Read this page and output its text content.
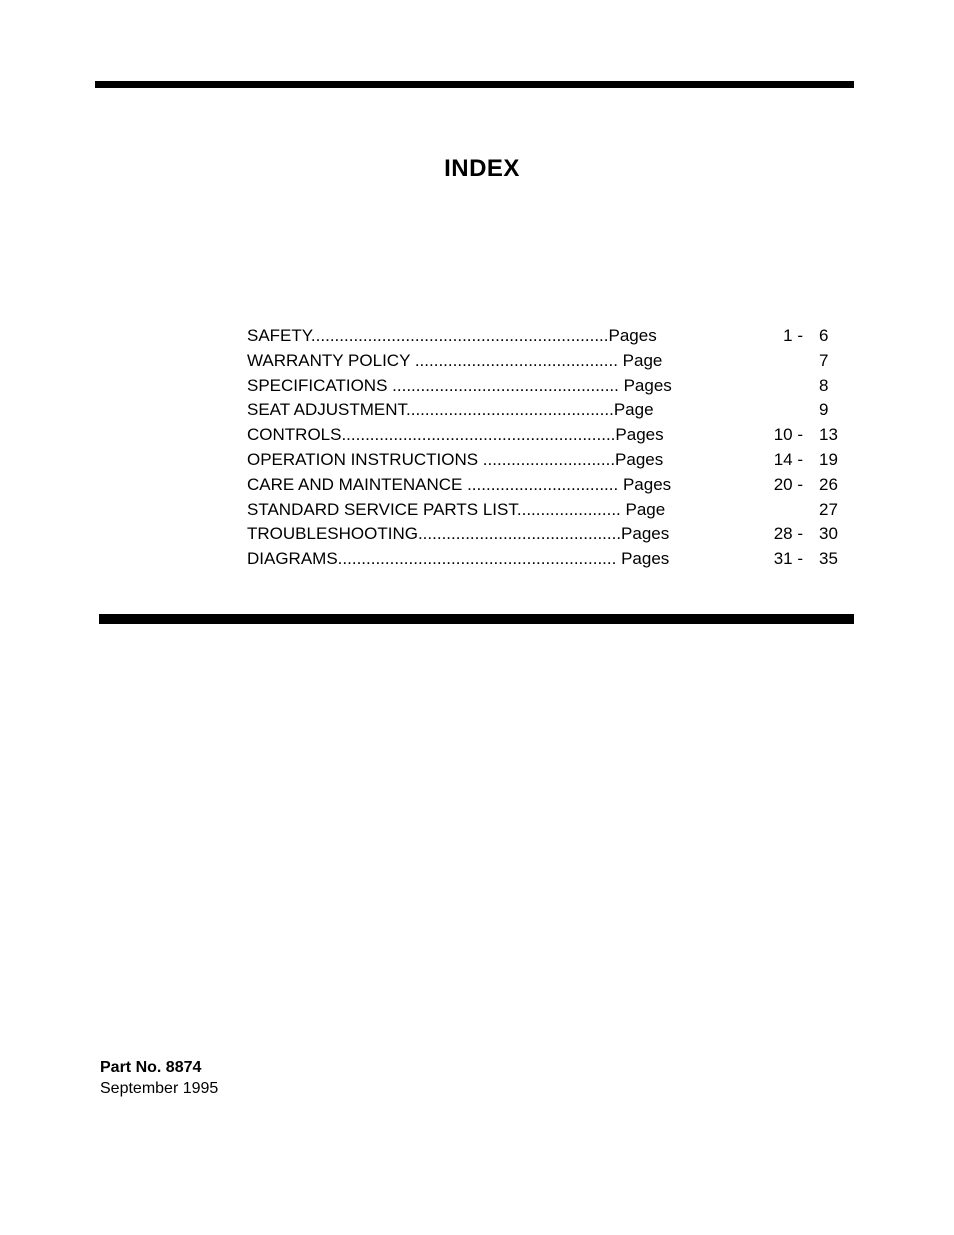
INDEX
SAFETY...............................................................Pages	1 - 6
WARRANTY POLICY ........................................... Page	7
SPECIFICATIONS ................................................ Pages	8
SEAT ADJUSTMENT............................................Page	9
CONTROLS..........................................................Pages	10 - 13
OPERATION INSTRUCTIONS ............................Pages	14 - 19
CARE AND MAINTENANCE ................................ Pages	20 - 26
STANDARD SERVICE PARTS LIST...................... Page	27
TROUBLESHOOTING...........................................Pages	28 - 30
DIAGRAMS........................................................... Pages	31 - 35
Part No. 8874
September 1995
